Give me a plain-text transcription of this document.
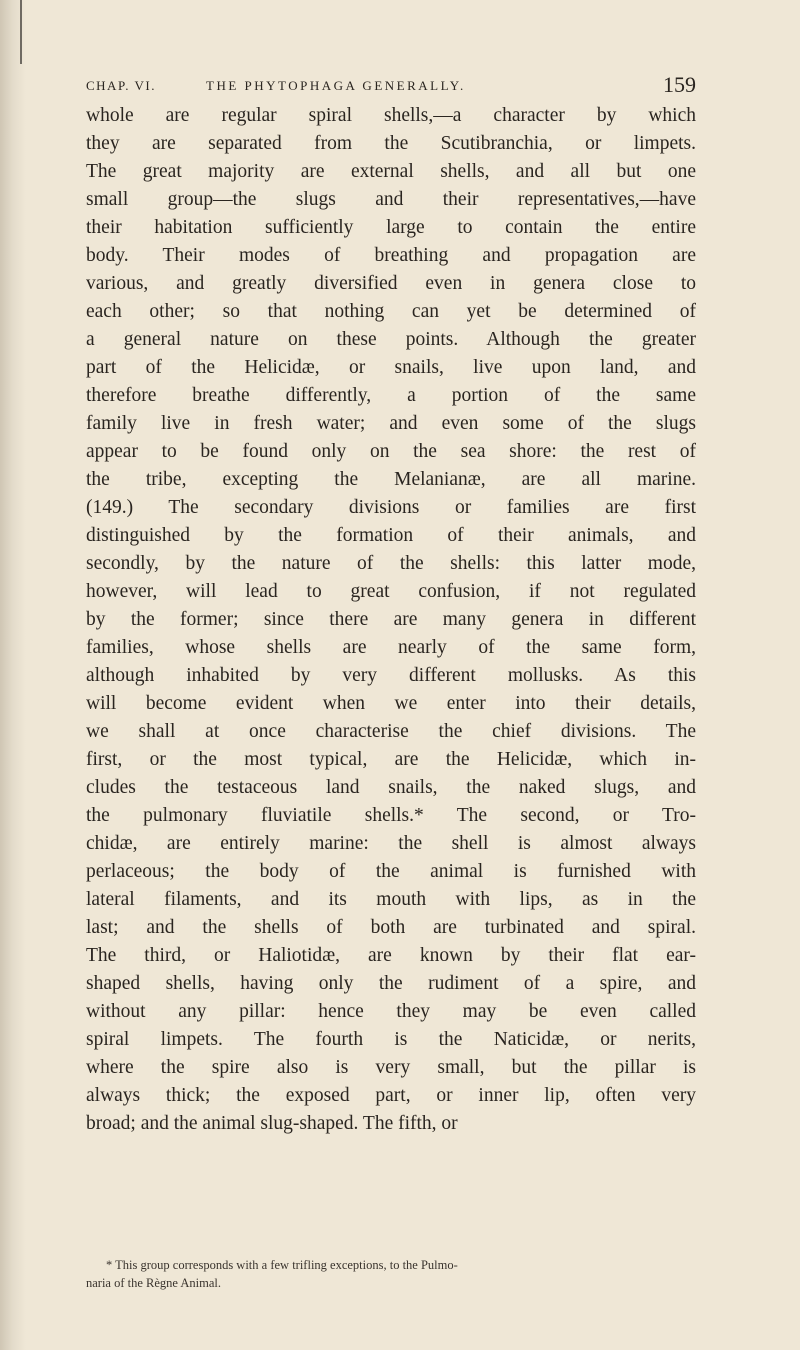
CHAP. VI.	THE PHYTOPHAGA GENERALLY.	159
whole are regular spiral shells,—a character by which
they are separated from the Scutibranchia, or limpets.
The great majority are external shells, and all but one
small group—the slugs and their representatives,—have
their habitation sufficiently large to contain the entire
body. Their modes of breathing and propagation are
various, and greatly diversified even in genera close to
each other; so that nothing can yet be determined of
a general nature on these points. Although the greater
part of the Helicidæ, or snails, live upon land, and
therefore breathe differently, a portion of the same
family live in fresh water; and even some of the slugs
appear to be found only on the sea shore: the rest of
the tribe, excepting the Melanianæ, are all marine.
(149.) The secondary divisions or families are first
distinguished by the formation of their animals, and
secondly, by the nature of the shells: this latter mode,
however, will lead to great confusion, if not regulated
by the former; since there are many genera in different
families, whose shells are nearly of the same form,
although inhabited by very different mollusks. As this
will become evident when we enter into their details,
we shall at once characterise the chief divisions. The
first, or the most typical, are the Helicidæ, which in-
cludes the testaceous land snails, the naked slugs, and
the pulmonary fluviatile shells.* The second, or Tro-
chidæ, are entirely marine: the shell is almost always
perlaceous; the body of the animal is furnished with
lateral filaments, and its mouth with lips, as in the
last; and the shells of both are turbinated and spiral.
The third, or Haliotidæ, are known by their flat ear-
shaped shells, having only the rudiment of a spire, and
without any pillar: hence they may be even called
spiral limpets. The fourth is the Naticidæ, or nerits,
where the spire also is very small, but the pillar is
always thick; the exposed part, or inner lip, often very
broad; and the animal slug-shaped. The fifth, or
* This group corresponds with a few trifling exceptions, to the Pulmo-
naria of the Règne Animal.
